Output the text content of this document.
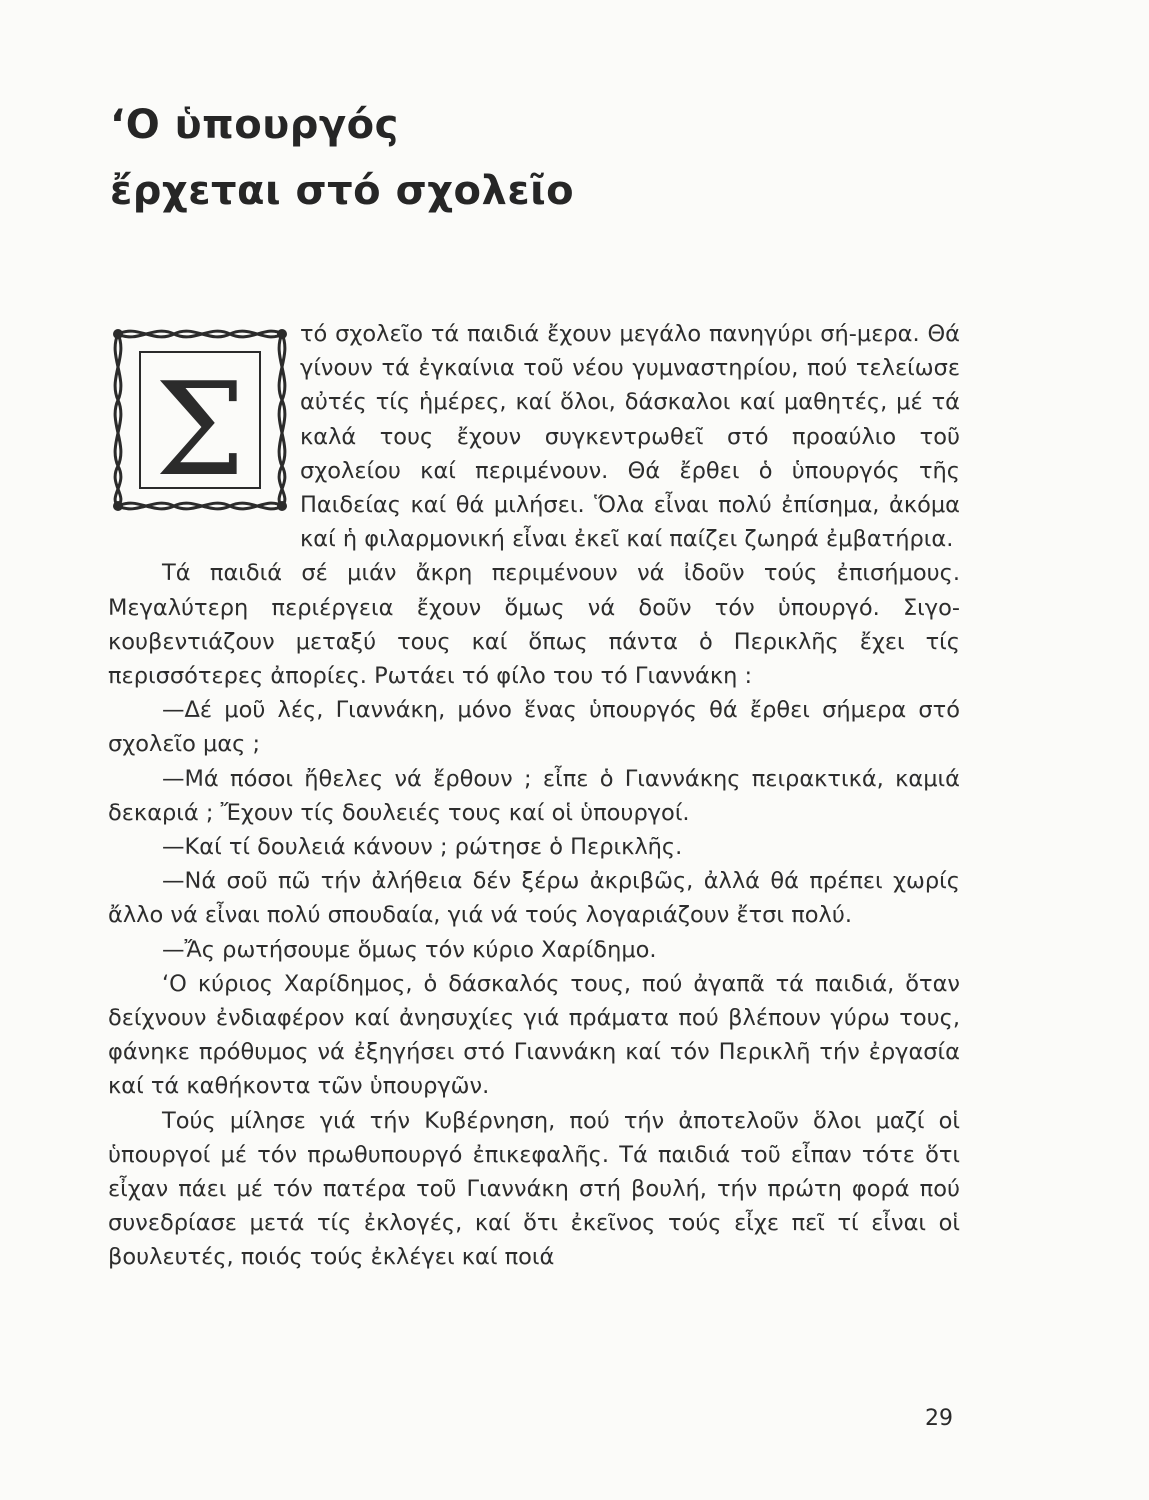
‘Ο ὑπουργός
ἔρχεται στό σχολεῖο
Σ

τό σχολεῖο τά παιδιά ἔχουν μεγάλο πανηγύρι σή-μερα. Θά γίνουν τά ἐγκαίνια τοῦ νέου γυμναστηρίου, πού τελείωσε αὐτές τίς ἡμέρες, καί ὅλοι, δάσκαλοι καί μαθητές, μέ τά καλά τους ἔχουν συγκεντρωθεῖ στό προαύλιο τοῦ σχολείου καί περιμένουν. Θά ἔρθει ὁ ὑπουργός τῆς Παιδείας καί θά μιλήσει. Ὅλα εἶναι πολύ ἐπίσημα, ἀκόμα καί ἡ φιλαρμονική εἶναι ἐκεῖ καί παίζει ζωηρά ἐμβατήρια.

Τά παιδιά σέ μιάν ἄκρη περιμένουν νά ἰδοῦν τούς ἐπισήμους. Μεγαλύτερη περιέργεια ἔχουν ὅμως νά δοῦν τόν ὑπουργό. Σιγο-κουβεντιάζουν μεταξύ τους καί ὅπως πάντα ὁ Περικλῆς ἔχει τίς περισσότερες ἀπορίες. Ρωτάει τό φίλο του τό Γιαννάκη :

—Δέ μοῦ λές, Γιαννάκη, μόνο ἕνας ὑπουργός θά ἔρθει σήμερα στό σχολεῖο μας ;

—Μά πόσοι ἤθελες νά ἔρθουν ; εἶπε ὁ Γιαννάκης πειρακτικά, καμιά δεκαριά ; Ἔχουν τίς δουλειές τους καί οἱ ὑπουργοί.

—Καί τί δουλειά κάνουν ; ρώτησε ὁ Περικλῆς.

—Νά σοῦ πῶ τήν ἀλήθεια δέν ξέρω ἀκριβῶς, ἀλλά θά πρέπει χωρίς ἄλλο νά εἶναι πολύ σπουδαία, γιά νά τούς λογαριάζουν ἔτσι πολύ.

—Ἄς ρωτήσουμε ὅμως τόν κύριο Χαρίδημο.

‘Ο κύριος Χαρίδημος, ὁ δάσκαλός τους, πού ἀγαπᾶ τά παιδιά, ὅταν δείχνουν ἐνδιαφέρον καί ἀνησυχίες γιά πράματα πού βλέπουν γύρω τους, φάνηκε πρόθυμος νά ἐξηγήσει στό Γιαννάκη καί τόν Περικλῆ τήν ἐργασία καί τά καθήκοντα τῶν ὑπουργῶν.

Τούς μίλησε γιά τήν Κυβέρνηση, πού τήν ἀποτελοῦν ὅλοι μαζί οἱ ὑπουργοί μέ τόν πρωθυπουργό ἐπικεφαλῆς. Τά παιδιά τοῦ εἶπαν τότε ὅτι εἶχαν πάει μέ τόν πατέρα τοῦ Γιαννάκη στή βουλή, τήν πρώτη φορά πού συνεδρίασε μετά τίς ἐκλογές, καί ὅτι ἐκεῖνος τούς εἶχε πεῖ τί εἶναι οἱ βουλευτές, ποιός τούς ἐκλέγει καί ποιά

29
